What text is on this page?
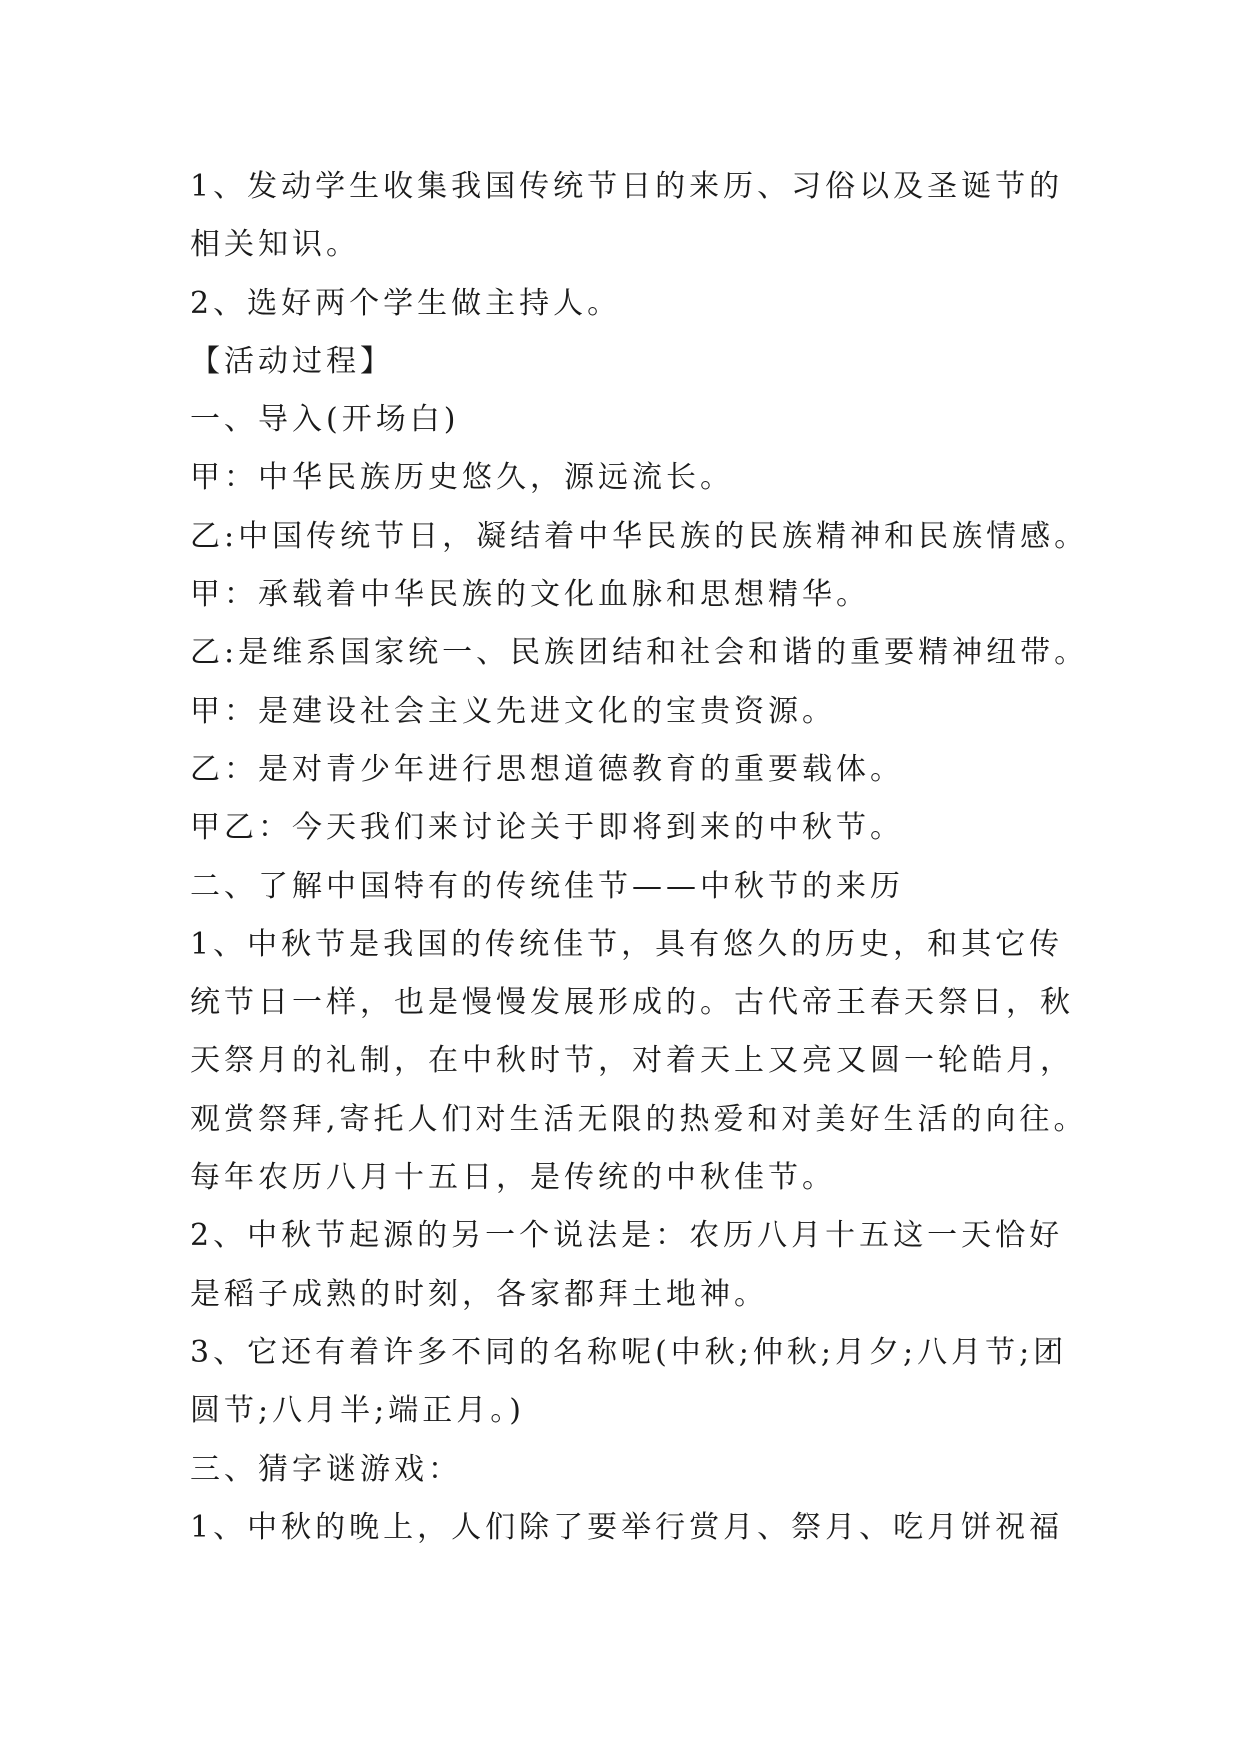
1、发动学生收集我国传统节日的来历、习俗以及圣诞节的

相关知识。

2、选好两个学生做主持人。

【活动过程】

一、导入(开场白)

甲：中华民族历史悠久，源远流长。

乙:中国传统节日，凝结着中华民族的民族精神和民族情感。

甲：承载着中华民族的文化血脉和思想精华。

乙:是维系国家统一、民族团结和社会和谐的重要精神纽带。

甲：是建设社会主义先进文化的宝贵资源。

乙：是对青少年进行思想道德教育的重要载体。

甲乙：今天我们来讨论关于即将到来的中秋节。

二、了解中国特有的传统佳节——中秋节的来历

1、中秋节是我国的传统佳节，具有悠久的历史，和其它传

统节日一样，也是慢慢发展形成的。古代帝王春天祭日，秋

天祭月的礼制，在中秋时节，对着天上又亮又圆一轮皓月，

观赏祭拜,寄托人们对生活无限的热爱和对美好生活的向往。

每年农历八月十五日，是传统的中秋佳节。

2、中秋节起源的另一个说法是：农历八月十五这一天恰好

是稻子成熟的时刻，各家都拜土地神。

3、它还有着许多不同的名称呢(中秋;仲秋;月夕;八月节;团

圆节;八月半;端正月。)

三、猜字谜游戏：

1、中秋的晚上，人们除了要举行赏月、祭月、吃月饼祝福
